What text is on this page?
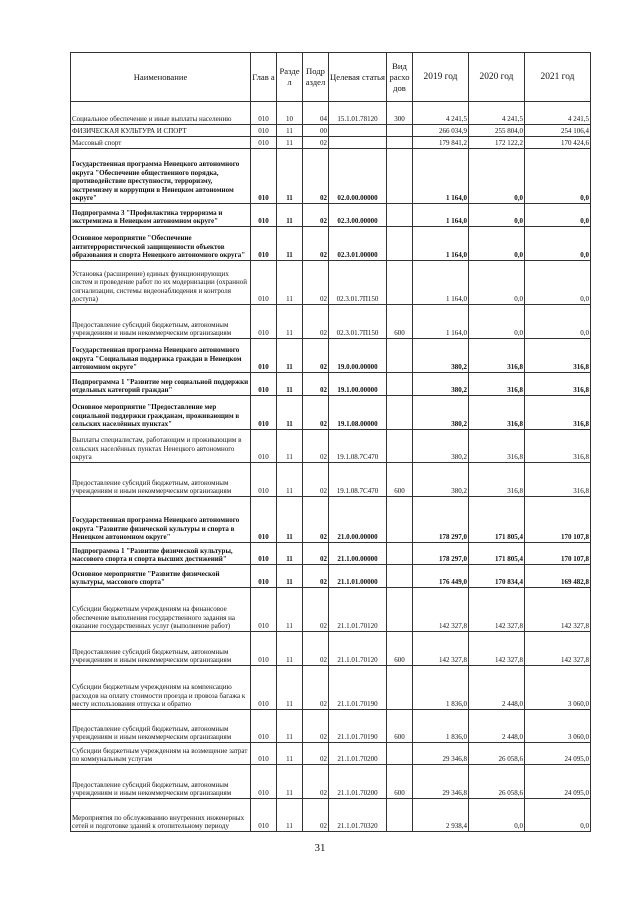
Наименование	Глав а	Разде л	Подр аздел	Целевая статья	Вид расхо дов	2019 год	2020 год	2021 год
Социальное обеспечение и иные выплаты населению	010	10	04	15.1.01.78120	300	4 241,5	4 241,5	4 241,5
ФИЗИЧЕСКАЯ КУЛЬТУРА И СПОРТ	010	11	00			266 034,9	255 804,0	254 106,4
Массовый спорт	010	11	02			179 841,2	172 122,2	170 424,6
Государственная программа Ненецкого автономного округа "Обеспечение общественного порядка, противодействие преступности, терроризму, экстремизму и коррупции в Ненецком автономном округе"	010	11	02	02.0.00.00000		1 164,0	0,0	0,0
Подпрограмма 3 "Профилактика терроризма и экстремизма в Ненецком автономном округе"	010	11	02	02.3.00.00000		1 164,0	0,0	0,0
Основное мероприятие "Обеспечение антитеррористической защищенности объектов образования и спорта Ненецкого автономного округа"	010	11	02	02.3.01.00000		1 164,0	0,0	0,0
Установка (расширение) единых функционирующих систем и проведение работ по их модернизации (охранной сигнализации, системы видеонаблюдения и контроля доступа)	010	11	02	02.3.01.7П150		1 164,0	0,0	0,0
Предоставление субсидий бюджетным, автономным учреждениям и иным некоммерческим организациям	010	11	02	02.3.01.7П150	600	1 164,0	0,0	0,0
Государственная программа Ненецкого автономного округа "Социальная поддержка граждан в Ненецком автономном округе"	010	11	02	19.0.00.00000		380,2	316,8	316,8
Подпрограмма 1 "Развитие мер социальной поддержки отдельных категорий граждан"	010	11	02	19.1.00.00000		380,2	316,8	316,8
Основное мероприятие "Предоставление мер социальной поддержки гражданам, проживающим в сельских населённых пунктах"	010	11	02	19.1.08.00000		380,2	316,8	316,8
Выплаты специалистам, работающим и проживающим в сельских населённых пунктах Ненецкого автономного округа	010	11	02	19.1.08.7С470		380,2	316,8	316,8
Предоставление субсидий бюджетным, автономным учреждениям и иным некоммерческим организациям	010	11	02	19.1.08.7С470	600	380,2	316,8	316,8
Государственная программа Ненецкого автономного округа "Развитие физической культуры и спорта в Ненецком автономном округе"	010	11	02	21.0.00.00000		178 297,0	171 805,4	170 107,8
Подпрограмма 1 "Развитие физической культуры, массового спорта и спорта высших достижений"	010	11	02	21.1.00.00000		178 297,0	171 805,4	170 107,8
Основное мероприятие "Развитие физической культуры, массового спорта"	010	11	02	21.1.01.00000		176 449,0	170 834,4	169 482,8
Субсидии бюджетным учреждениям на финансовое обеспечение выполнения государственного задания на оказание государственных услуг (выполнение работ)	010	11	02	21.1.01.70120		142 327,8	142 327,8	142 327,8
Предоставление субсидий бюджетным, автономным учреждениям и иным некоммерческим организациям	010	11	02	21.1.01.70120	600	142 327,8	142 327,8	142 327,8
Субсидии бюджетным учреждениям на компенсацию расходов на оплату стоимости проезда и провоза багажа к месту использования отпуска и обратно	010	11	02	21.1.01.70190		1 836,0	2 448,0	3 060,0
Предоставление субсидий бюджетным, автономным учреждениям и иным некоммерческим организациям	010	11	02	21.1.01.70190	600	1 836,0	2 448,0	3 060,0
Субсидии бюджетным учреждениям на возмещение затрат по коммунальным услугам	010	11	02	21.1.01.70200		29 346,8	26 058,6	24 095,0
Предоставление субсидий бюджетным, автономным учреждениям и иным некоммерческим организациям	010	11	02	21.1.01.70200	600	29 346,8	26 058,6	24 095,0
Мероприятия по обслуживанию внутренних инженерных сетей и подготовке зданий к отопительному периоду	010	11	02	21.1.01.70320		2 938,4	0,0	0,0
31
